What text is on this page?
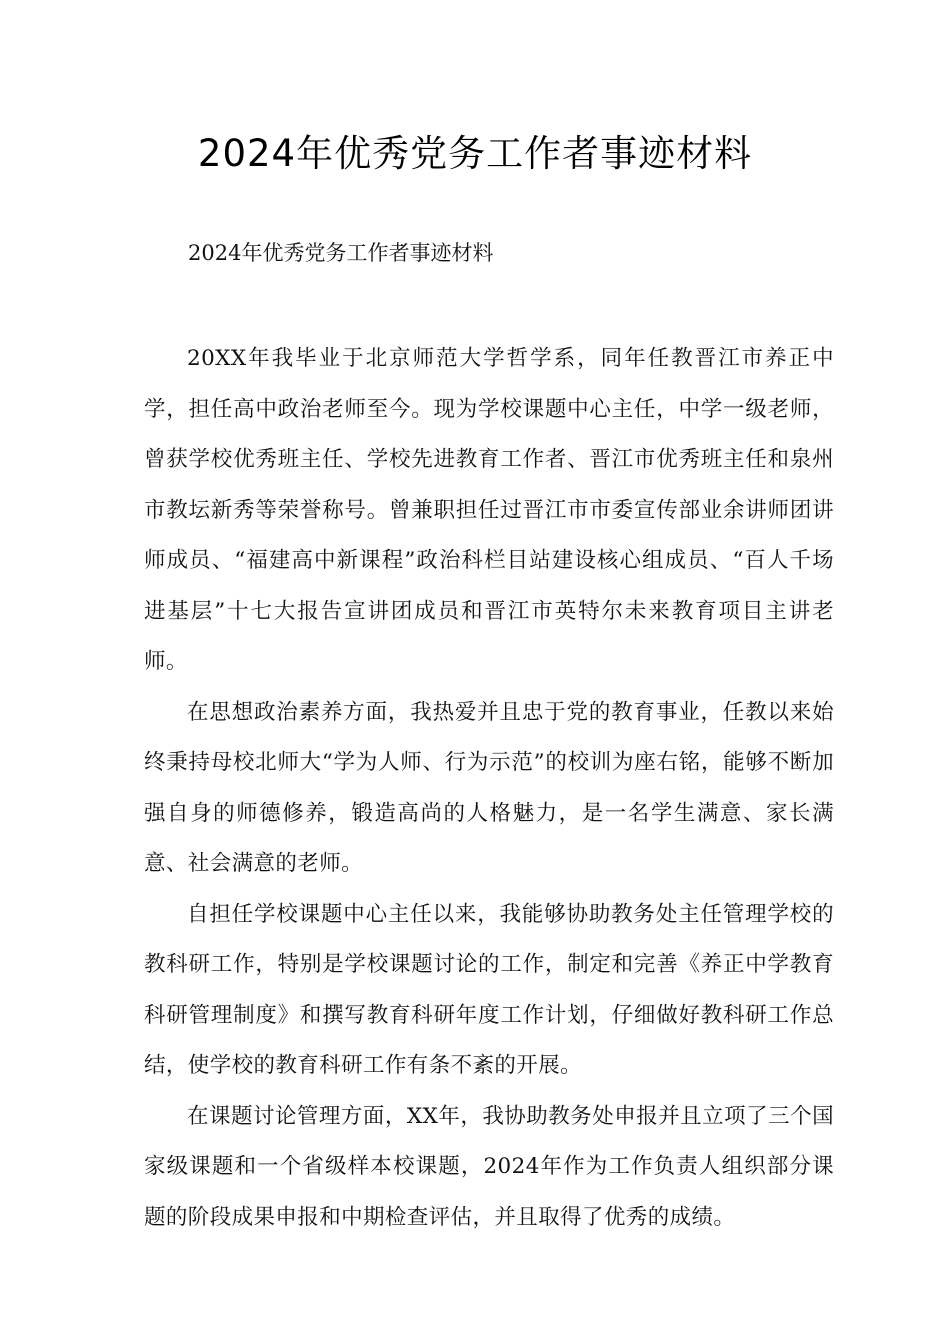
2024年优秀党务工作者事迹材料

2024年优秀党务工作者事迹材料

20XX年我毕业于北京师范大学哲学系，同年任教晋江市养正中学，担任高中政治老师至今。现为学校课题中心主任，中学一级老师，曾获学校优秀班主任、学校先进教育工作者、晋江市优秀班主任和泉州市教坛新秀等荣誉称号。曾兼职担任过晋江市市委宣传部业余讲师团讲师成员、“福建高中新课程”政治科栏目站建设核心组成员、“百人千场进基层”十七大报告宣讲团成员和晋江市英特尔未来教育项目主讲老师。

在思想政治素养方面，我热爱并且忠于党的教育事业，任教以来始终秉持母校北师大“学为人师、行为示范”的校训为座右铭，能够不断加强自身的师德修养，锻造高尚的人格魅力，是一名学生满意、家长满意、社会满意的老师。

自担任学校课题中心主任以来，我能够协助教务处主任管理学校的教科研工作，特别是学校课题讨论的工作，制定和完善《养正中学教育科研管理制度》和撰写教育科研年度工作计划，仔细做好教科研工作总结，使学校的教育科研工作有条不紊的开展。

在课题讨论管理方面，XX年，我协助教务处申报并且立项了三个国家级课题和一个省级样本校课题，2024年作为工作负责人组织部分课题的阶段成果申报和中期检查评估，并且取得了优秀的成绩。
